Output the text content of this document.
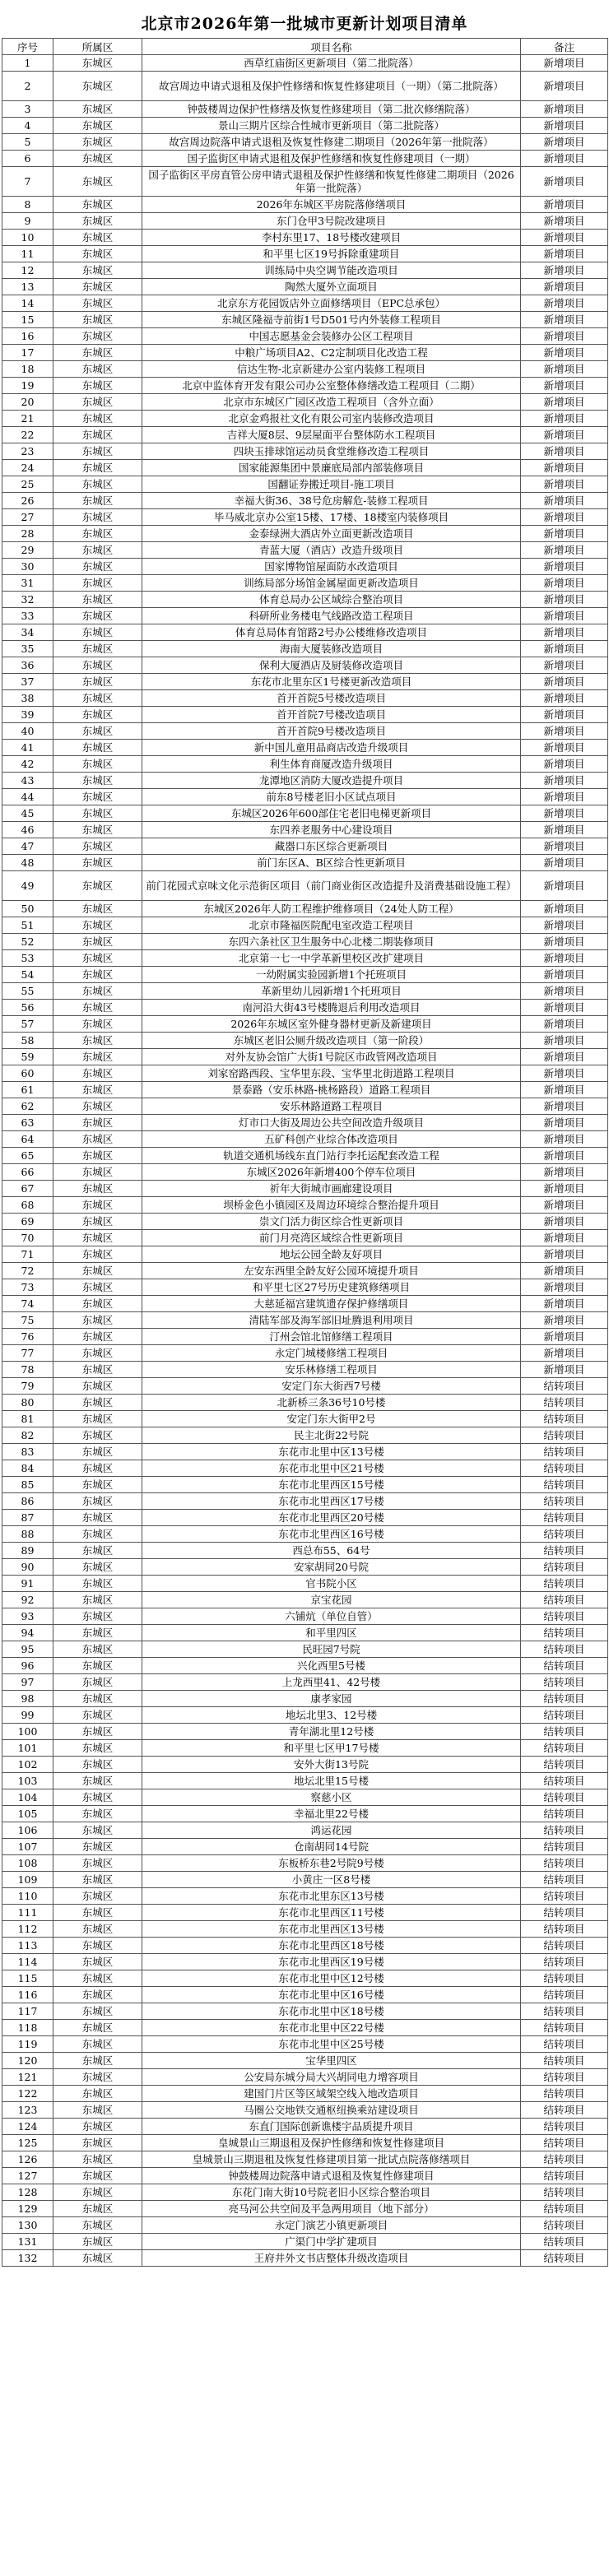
北京市2026年第一批城市更新计划项目清单
序号	所属区	项目名称	备注
1	东城区	西草红庙街区更新项目（第二批院落）	新增项目
2	东城区	故宫周边申请式退租及保护性修缮和恢复性修建项目（一期）（第二批院落）	新增项目
3	东城区	钟鼓楼周边保护性修缮及恢复性修建项目（第二批次修缮院落）	新增项目
4	东城区	景山三期片区综合性城市更新项目（第二批院落）	新增项目
5	东城区	故宫周边院落申请式退租及恢复性修建二期项目（2026年第一批院落）	新增项目
6	东城区	国子监街区申请式退租及保护性修缮和恢复性修建项目（一期）	新增项目
7	东城区	国子监街区平房直管公房申请式退租及保护性修缮和恢复性修建二期项目（2026年第一批院落）	新增项目
8	东城区	2026年东城区平房院落修缮项目	新增项目
9	东城区	东门仓甲3号院改建项目	新增项目
10	东城区	李村东里17、18号楼改建项目	新增项目
11	东城区	和平里七区19号拆除重建项目	新增项目
12	东城区	训练局中央空调节能改造项目	新增项目
13	东城区	陶然大厦外立面项目	新增项目
14	东城区	北京东方花园饭店外立面修缮项目（EPC总承包）	新增项目
15	东城区	东城区隆福寺前街1号D501号内外装修工程项目	新增项目
16	东城区	中国志愿基金会装修办公区工程项目	新增项目
17	东城区	中粮广场项目A2、C2定制项目化改造工程	新增项目
18	东城区	信达生物-北京新建办公室内装修工程项目	新增项目
19	东城区	北京中监体育开发有限公司办公室整体修缮改造工程项目（二期）	新增项目
20	东城区	北京市东城区广园区改造工程项目（含外立面）	新增项目
21	东城区	北京金鸡报社文化有限公司室内装修改造项目	新增项目
22	东城区	吉祥大厦8层、9层屋面平台整体防水工程项目	新增项目
23	东城区	四块玉排球馆运动员食堂维修改造工程项目	新增项目
24	东城区	国家能源集团中景廉底局部内部装修项目	新增项目
25	东城区	国翻证券搬迁项目-施工项目	新增项目
26	东城区	幸福大街36、38号危房解危-装修工程项目	新增项目
27	东城区	毕马威北京办公室15楼、17楼、18楼室内装修项目	新增项目
28	东城区	金泰绿洲大酒店外立面更新改造项目	新增项目
29	东城区	青蓝大厦（酒店）改造升级项目	新增项目
30	东城区	国家博物馆屋面防水改造项目	新增项目
31	东城区	训练局部分场馆金属屋面更新改造项目	新增项目
32	东城区	体育总局办公区域综合整治项目	新增项目
33	东城区	科研所业务楼电气线路改造工程项目	新增项目
34	东城区	体育总局体育馆路2号办公楼维修改造项目	新增项目
35	东城区	海南大厦装修改造项目	新增项目
36	东城区	保利大厦酒店及厨装修改造项目	新增项目
37	东城区	东花市北里东区1号楼更新改造项目	新增项目
38	东城区	首开首院5号楼改造项目	新增项目
39	东城区	首开首院7号楼改造项目	新增项目
40	东城区	首开首院9号楼改造项目	新增项目
41	东城区	新中国儿童用品商店改造升级项目	新增项目
42	东城区	利生体育商厦改造升级项目	新增项目
43	东城区	龙潭地区消防大厦改造提升项目	新增项目
44	东城区	前东8号楼老旧小区试点项目	新增项目
45	东城区	东城区2026年600部住宅老旧电梯更新项目	新增项目
46	东城区	东四养老服务中心建设项目	新增项目
47	东城区	藏器口东区综合更新项目	新增项目
48	东城区	前门东区A、B区综合性更新项目	新增项目
49	东城区	前门花园式京味文化示范街区项目（前门商业街区改造提升及消费基础设施工程）	新增项目
50	东城区	东城区2026年人防工程维护维修项目（24处人防工程）	新增项目
51	东城区	北京市隆福医院配电室改造工程项目	新增项目
52	东城区	东四六条社区卫生服务中心北楼二期装修项目	新增项目
53	东城区	北京第一七一中学革新里校区改扩建项目	新增项目
54	东城区	一幼附属实验园新增1个托班项目	新增项目
55	东城区	革新里幼儿园新增1个托班项目	新增项目
56	东城区	南河沿大街43号楼腾退后利用改造项目	新增项目
57	东城区	2026年东城区室外健身器材更新及新建项目	新增项目
58	东城区	东城区老旧公厕升级改造项目（第一阶段）	新增项目
59	东城区	对外友协会馆广大街1号院区市政管网改造项目	新增项目
60	东城区	刘家窑路西段、宝华里东段、宝华里北街道路工程项目	新增项目
61	东城区	景泰路（安乐林路-桃杨路段）道路工程项目	新增项目
62	东城区	安乐林路道路工程项目	新增项目
63	东城区	灯市口大街及周边公共空间改造升级项目	新增项目
64	东城区	五矿科创产业综合体改造项目	新增项目
65	东城区	轨道交通机场线东直门站行李托运配套改造工程	新增项目
66	东城区	东城区2026年新增400个停车位项目	新增项目
67	东城区	祈年大街城市画廊建设项目	新增项目
68	东城区	坝桥金色小镇园区及周边环境综合整治提升项目	新增项目
69	东城区	崇文门活力街区综合性更新项目	新增项目
70	东城区	前门月亮湾区域综合性更新项目	新增项目
71	东城区	地坛公园全龄友好项目	新增项目
72	东城区	左安东西里全龄友好公园环境提升项目	新增项目
73	东城区	和平里七区27号历史建筑修缮项目	新增项目
74	东城区	大慈延福宫建筑遗存保护修缮项目	新增项目
75	东城区	清陆军部及海军部旧址腾退利用项目	新增项目
76	东城区	汀州会馆北馆修缮工程项目	新增项目
77	东城区	永定门城楼修缮工程项目	新增项目
78	东城区	安乐林修缮工程项目	新增项目
79	东城区	安定门东大街西7号楼	结转项目
80	东城区	北新桥三条36号10号楼	结转项目
81	东城区	安定门东大街甲2号	结转项目
82	东城区	民主北街22号院	结转项目
83	东城区	东花市北里中区13号楼	结转项目
84	东城区	东花市北里中区21号楼	结转项目
85	东城区	东花市北里西区15号楼	结转项目
86	东城区	东花市北里西区17号楼	结转项目
87	东城区	东花市北里西区20号楼	结转项目
88	东城区	东花市北里西区16号楼	结转项目
89	东城区	西总布55、64号	结转项目
90	东城区	安家胡同20号院	结转项目
91	东城区	官书院小区	结转项目
92	东城区	京宝花园	结转项目
93	东城区	六铺炕（单位自管）	结转项目
94	东城区	和平里四区	结转项目
95	东城区	民旺园7号院	结转项目
96	东城区	兴化西里5号楼	结转项目
97	东城区	上龙西里41、42号楼	结转项目
98	东城区	康孝家园	结转项目
99	东城区	地坛北里3、12号楼	结转项目
100	东城区	青年湖北里12号楼	结转项目
101	东城区	和平里七区甲17号楼	结转项目
102	东城区	安外大街13号院	结转项目
103	东城区	地坛北里15号楼	结转项目
104	东城区	察慈小区	结转项目
105	东城区	幸福北里22号楼	结转项目
106	东城区	鸿运花园	结转项目
107	东城区	仓南胡同14号院	结转项目
108	东城区	东板桥东巷2号院9号楼	结转项目
109	东城区	小黄庄一区8号楼	结转项目
110	东城区	东花市北里东区13号楼	结转项目
111	东城区	东花市北里西区11号楼	结转项目
112	东城区	东花市北里西区13号楼	结转项目
113	东城区	东花市北里西区18号楼	结转项目
114	东城区	东花市北里西区19号楼	结转项目
115	东城区	东花市北里中区12号楼	结转项目
116	东城区	东花市北里中区16号楼	结转项目
117	东城区	东花市北里中区18号楼	结转项目
118	东城区	东花市北里中区22号楼	结转项目
119	东城区	东花市北里中区25号楼	结转项目
120	东城区	宝华里四区	结转项目
121	东城区	公安局东城分局大兴胡同电力增容项目	结转项目
122	东城区	建国门片区等区域架空线入地改造项目	结转项目
123	东城区	马圈公交地铁交通枢纽换乘站建设项目	结转项目
124	东城区	东直门国际创新谯楼宇品质提升项目	结转项目
125	东城区	皇城景山三期退租及保护性修缮和恢复性修建项目	结转项目
126	东城区	皇城景山三期退租及恢复性修建项目第一批试点院落修缮项目	结转项目
127	东城区	钟鼓楼周边院落申请式退租及恢复性修建项目	结转项目
128	东城区	东花门南大街10号院老旧小区综合整治项目	结转项目
129	东城区	亮马河公共空间及平急两用项目（地下部分）	结转项目
130	东城区	永定门演艺小镇更新项目	结转项目
131	东城区	广渠门中学扩建项目	结转项目
132	东城区	王府井外文书店整体升级改造项目	结转项目
